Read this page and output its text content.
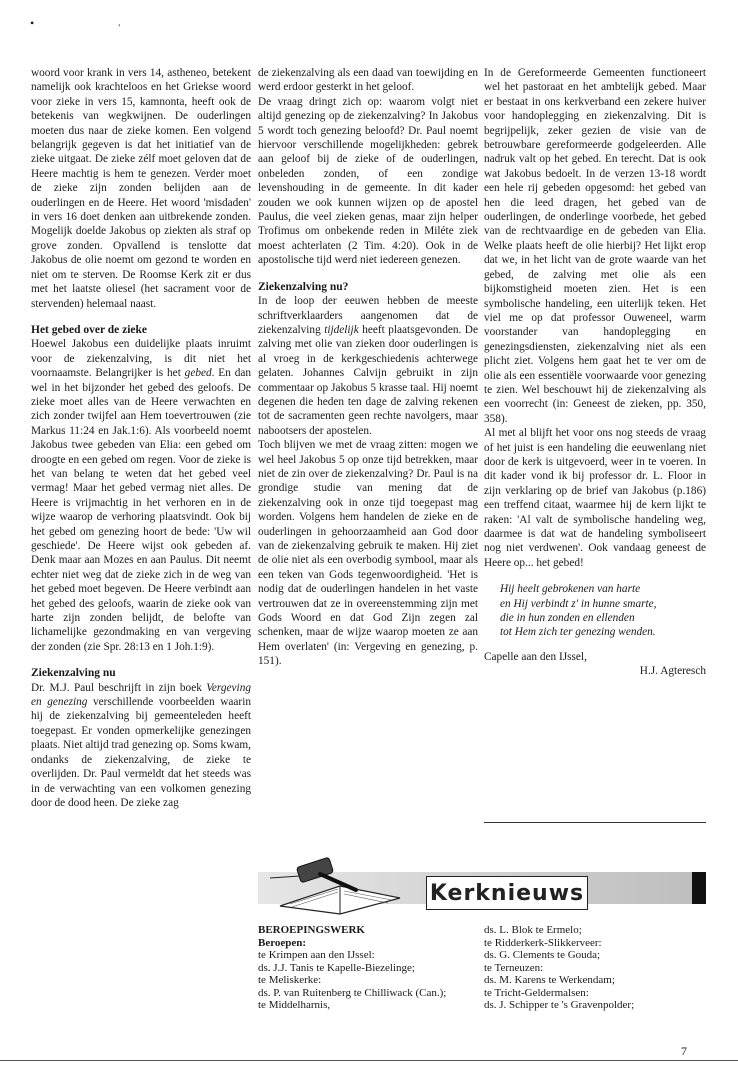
• ˒

woord voor krank in vers 14, astheneo, betekent namelijk ook krachteloos en het Griekse woord voor zieke in vers 15, kamnonta, heeft ook de betekenis van wegkwijnen. De ouderlingen moeten dus naar de zieke komen. Een volgend belangrijk gegeven is dat het initiatief van de zieke uitgaat. De zieke zélf moet geloven dat de Heere machtig is hem te genezen. Verder moet de zieke zijn zonden belijden aan de ouderlingen en de Heere. Het woord 'misdaden' in vers 16 doet denken aan uitbrekende zonden. Mogelijk doelde Jakobus op ziekten als straf op grove zonden. Opvallend is tenslotte dat Jakobus de olie noemt om gezond te worden en niet om te sterven. De Roomse Kerk zit er dus met het laatste oliesel (het sacrament voor de stervenden) helemaal naast.

Het gebed over de zieke

Hoewel Jakobus een duidelijke plaats inruimt voor de ziekenzalving, is dit niet het voornaamste. Belangrijker is het gebed. En dan wel in het bijzonder het gebed des geloofs. De zieke moet alles van de Heere verwachten en zich zonder twijfel aan Hem toevertrouwen (zie Markus 11:24 en Jak.1:6). Als voorbeeld noemt Jakobus twee gebeden van Elia: een gebed om droogte en een gebed om regen. Voor de zieke is het van belang te weten dat het gebed veel vermag! Maar het gebed vermag niet alles. De Heere is vrijmachtig in het verhoren en in de wijze waarop de verhoring plaatsvindt. Ook bij het gebed om genezing hoort de bede: 'Uw wil geschiede'. De Heere wijst ook gebeden af. Denk maar aan Mozes en aan Paulus. Dit neemt echter niet weg dat de zieke zich in de weg van het gebed moet begeven. De Heere verbindt aan het gebed des geloofs, waarin de zieke ook van harte zijn zonden belijdt, de belofte van lichamelijke gezondmaking en van vergeving der zonden (zie Spr. 28:13 en 1 Joh.1:9).

Ziekenzalving nu

Dr. M.J. Paul beschrijft in zijn boek Vergeving en genezing verschillende voorbeelden waarin hij de ziekenzalving bij gemeenteleden heeft toegepast. Er vonden opmerkelijke genezingen plaats. Niet altijd trad genezing op. Soms kwam, ondanks de ziekenzalving, de zieke te overlijden. Dr. Paul vermeldt dat het steeds was in de verwachting van een volkomen genezing door de dood heen. De zieke zag

de ziekenzalving als een daad van toewijding en werd erdoor gesterkt in het geloof.

De vraag dringt zich op: waarom volgt niet altijd genezing op de ziekenzalving? In Jakobus 5 wordt toch genezing beloofd? Dr. Paul noemt hiervoor verschillende mogelijkheden: gebrek aan geloof bij de zieke of de ouderlingen, onbeleden zonden, of een zondige levenshouding in de gemeente. In dit kader zouden we ook kunnen wijzen op de apostel Paulus, die veel zieken genas, maar zijn helper Trofimus om onbekende reden in Miléte ziek moest achterlaten (2 Tim. 4:20). Ook in de apostolische tijd werd niet iedereen genezen.

Ziekenzalving nu?

In de loop der eeuwen hebben de meeste schriftverklaarders aangenomen dat de ziekenzalving tijdelijk heeft plaatsgevonden. De zalving met olie van zieken door ouderlingen is al vroeg in de kerkgeschiedenis achterwege gelaten. Johannes Calvijn gebruikt in zijn commentaar op Jakobus 5 krasse taal. Hij noemt degenen die heden ten dage de zalving rekenen tot de sacramenten geen rechte navolgers, maar nabootsers der apostelen.

Toch blijven we met de vraag zitten: mogen we wel heel Jakobus 5 op onze tijd betrekken, maar niet de zin over de ziekenzalving? Dr. Paul is na grondige studie van mening dat de ziekenzalving ook in onze tijd toegepast mag worden. Volgens hem handelen de zieke en de ouderlingen in gehoorzaamheid aan God door van de ziekenzalving gebruik te maken. Hij ziet de olie niet als een overbodig symbool, maar als een teken van Gods tegenwoordigheid. 'Het is nodig dat de ouderlingen handelen in het vaste vertrouwen dat ze in overeenstemming zijn met Gods Woord en dat God Zijn zegen zal schenken, maar de wijze waarop moeten ze aan Hem overlaten' (in: Vergeving en genezing, p. 151).

In de Gereformeerde Gemeenten functioneert wel het pastoraat en het ambtelijk gebed. Maar er bestaat in ons kerkverband een zekere huiver voor handoplegging en ziekenzalving. Dit is begrijpelijk, zeker gezien de visie van de betrouwbare gereformeerde godgeleerden. Alle nadruk valt op het gebed. En terecht. Dat is ook wat Jakobus bedoelt. In de verzen 13-18 wordt een hele rij gebeden opgesomd: het gebed van hen die leed dragen, het gebed van de ouderlingen, de onderlinge voorbede, het gebed van de rechtvaardige en de gebeden van Elia. Welke plaats heeft de olie hierbij? Het lijkt erop dat we, in het licht van de grote waarde van het gebed, de zalving met olie als een bijkomstigheid moeten zien. Het is een symbolische handeling, een uiterlijk teken. Het viel me op dat professor Ouweneel, warm voorstander van handoplegging en genezingsdiensten, ziekenzalving niet als een plicht ziet. Volgens hem gaat het te ver om de olie als een essentiële voorwaarde voor genezing te zien. Wel beschouwt hij de ziekenzalving als een voorrecht (in: Geneest de zieken, pp. 350, 358).

Al met al blijft het voor ons nog steeds de vraag of het juist is een handeling die eeuwenlang niet door de kerk is uitgevoerd, weer in te voeren. In dit kader vond ik bij professor dr. L. Floor in zijn verklaring op de brief van Jakobus (p.186) een treffend citaat, waarmee hij de kern lijkt te raken: 'Al valt de symbolische handeling weg, daarmee is dat wat de handeling symboliseert nog niet verdwenen'. Ook vandaag geneest de Heere op... het gebed!

Hij heelt gebrokenen van harte
en Hij verbindt z' in hunne smarte,
die in hun zonden en ellenden
tot Hem zich ter genezing wenden.

Capelle aan den IJssel,

H.J. Agteresch

Kerknieuws
BEROEPINGSWERK
Beroepen:
te Krimpen aan den IJssel:
ds. J.J. Tanis te Kapelle-Biezelinge;
te Meliskerke:
ds. P. van Ruitenberg te Chilliwack (Can.);
te Middelharnis,
ds. L. Blok te Ermelo;
te Ridderkerk-Slikkerveer:
ds. G. Clements te Gouda;
te Terneuzen:
ds. M. Karens te Werkendam;
te Tricht-Geldermalsen:
ds. J. Schipper te 's Gravenpolder;
7
